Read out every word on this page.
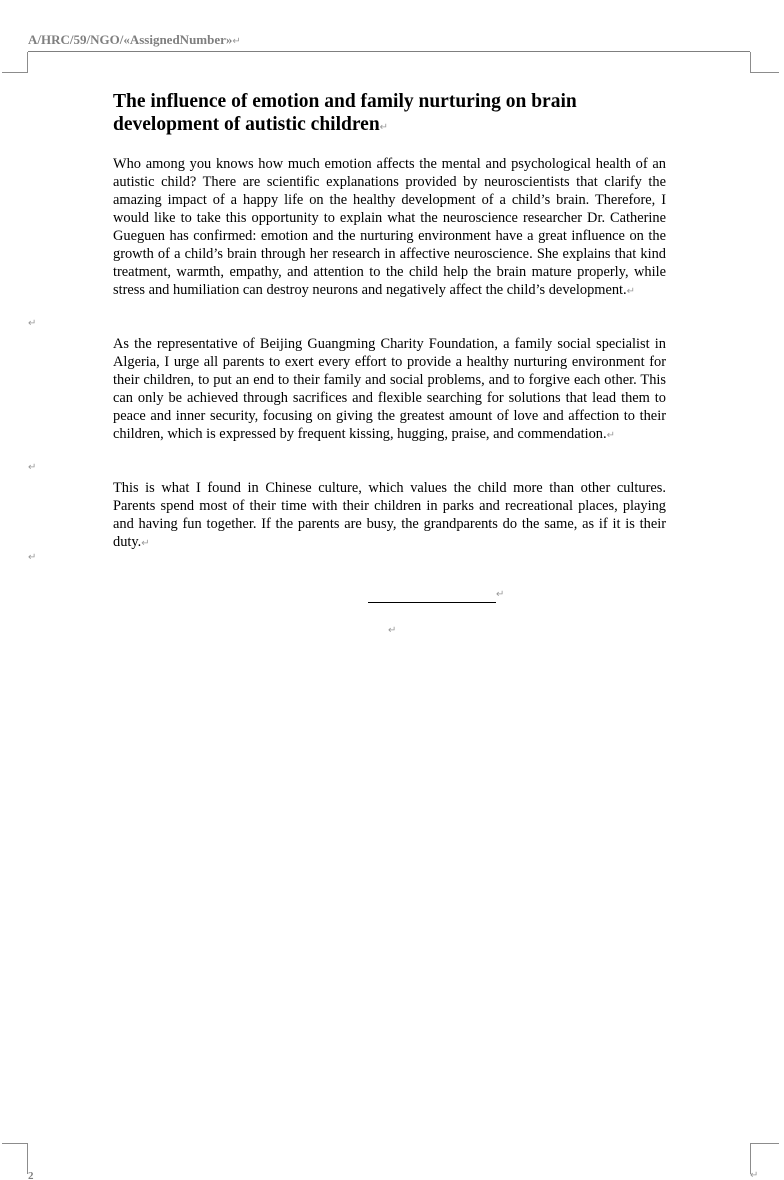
A/HRC/59/NGO/«AssignedNumber»↵
The influence of emotion and family nurturing on brain development of autistic children↵

Who among you knows how much emotion affects the mental and psychological health of an autistic child? There are scientific explanations provided by neuroscientists that clarify the amazing impact of a happy life on the healthy development of a child’s brain. Therefore, I would like to take this opportunity to explain what the neuroscience researcher Dr. Catherine Gueguen has confirmed: emotion and the nurturing environment have a great influence on the growth of a child’s brain through her research in affective neuroscience. She explains that kind treatment, warmth, empathy, and attention to the child help the brain mature properly, while stress and humiliation can destroy neurons and negatively affect the child’s development.↵

↵

As the representative of Beijing Guangming Charity Foundation, a family social specialist in Algeria, I urge all parents to exert every effort to provide a healthy nurturing environment for their children, to put an end to their family and social problems, and to forgive each other. This can only be achieved through sacrifices and flexible searching for solutions that lead them to peace and inner security, focusing on giving the greatest amount of love and affection to their children, which is expressed by frequent kissing, hugging, praise, and commendation.↵

↵

This is what I found in Chinese culture, which values the child more than other cultures. Parents spend most of their time with their children in parks and recreational places, playing and having fun together. If the parents are busy, the grandparents do the same, as if it is their duty.↵

↵
↵
↵
2	↵
